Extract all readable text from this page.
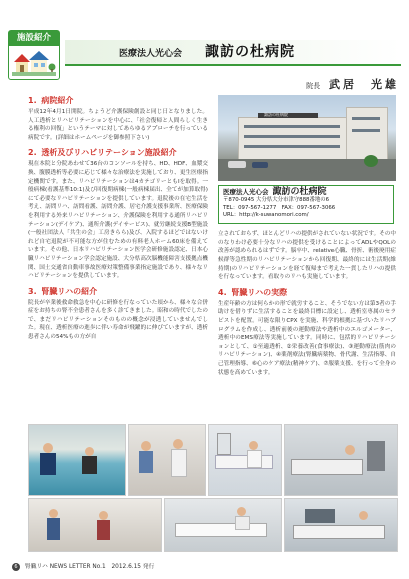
施設紹介
医療法人光心会 諏訪の杜病院
院長 武居　光雄
1. 病院紹介

平成12年4月1日開院。ちょうど介護保険創設と同じ日となりました。人工透析とリハビリテーションを中心に、「社会復帰と人間らしく生きる権利の回復」というテーマに対してあらゆるアプローチを行っている病院です。(詳細はホームページを御参照下さい)

2. 透析及びリハビリテーション施設紹介

現在本院と分院あわせて36台のコンソールを持ち、HD、HDF、血漿交換、腹膜透析等必要に応じて様々な治療法を実施しており、更生医療指定機関です。また、リハビリテーションは4カテゴリーともⅠを取得。一般病棟(看護基準10:1)及び回復期病棟(一般病棟届出、全てが加算取得)にて必要なリハビリテーションを提供しています。退院後の在宅生活を考え、訪問リハ、訪問看護、訪問介護、居宅介護支援事業所、医療保険を利用する外来リハビリテーション、介護保険を利用する通所リハビリテーション(デイケア)、通所介護(デイサービス)、就労継続支援B型施設(一般社団法人「共生の会」工房きらら)及び、入院するほどではないけれど自宅退院が不可能な方が住むための有料老人ホーム60床を備えています。その他、日本リハビリテーション医学会研修施設認定、日本心臓リハビリテーション学会認定施設、大分県高次脳機能障害支援拠点機関、国土交通省自動車事故医療対策整備事業指定施設であり、様々なリハビリテーションを提供しています。

3. 腎臓リハの紹介

院長が卒業後救命救急を中心に研修を行なっていた頃から、様々な合併症をお持ちの腎不全患者さんを多く診てきました。昭和の時代でしたので、まだリハビリテーションそのものの概念が浸透していませんでした。現在、透析医療の進歩に伴い寿命が飛躍的に伸びていますが、透析患者さんの54%もの方が自

諏訪の杜病院
医療法人光心会 諏訪の杜病院
〒870-0945 大分県大分市津守888番地の6
TEL：097-567-1277　FAX：097-567-3066
URL：http://k-suwanomori.com/

立されておらず、ほとんどリハの提供がされていない状況です。その中のなりわけ必要十分なリハの提供を受けることによってADLやQOLの改善が認められるはずです。脳卒中、relative心臓、骨折、術後廃用症候群等急性期のリハビリテーションから回復期、最終的には生活期(維持期)のリハビリテーションを経て復帰まで考えた一貫したリハの提供を行なっています。看取りのリハも実施しています。

4. 腎臓リハの実際

生産年齢の方は何らかの形で就労すること、そうでない方は第3者の手助けを借りずに生活することを最終目標に設定し、透析室専属のセラピストを配置。可能な限りCPX を実施、科学的根拠に基づいたリハプログラムを作成し、透析前後の運動療法や透析中のエルゴメーター、透析中のEMS療法等実施しています。同時に、包括的リハビリテーションとして、①至適透析、②栄養改善(食事療法)、③運動療法(筋肉のリハビリテーション)、④薬剤療法(腎臓病薬物、骨代謝、生活指導、自己管理指導、⑥心のケア療法(精神ケア)、⑦服薬支援、を行って全身の状態を高めています。

6 腎臓リハ NEWS LETTER No.1　2012.6.15 発行
